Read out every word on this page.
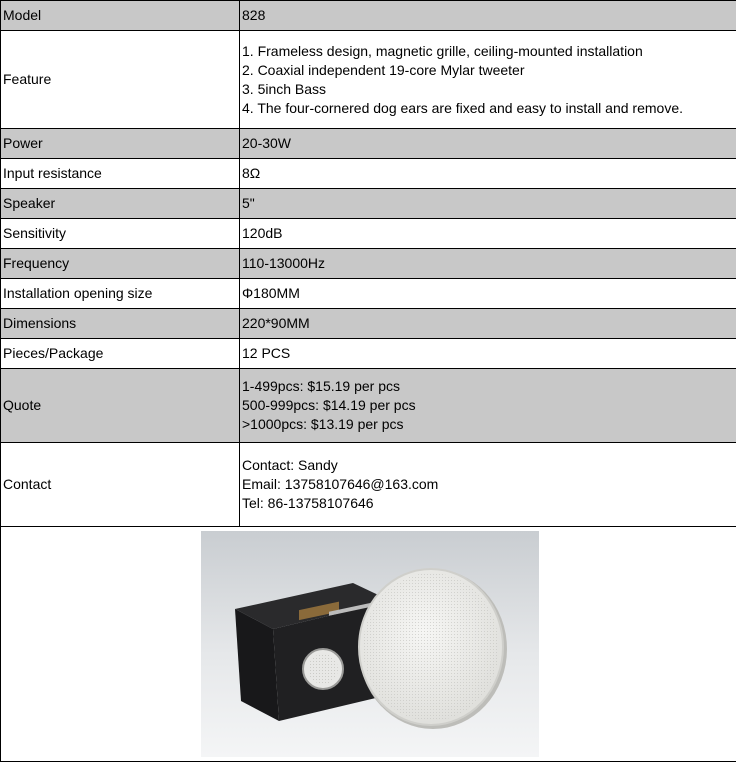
Model	828
Feature	1. Frameless design, magnetic grille, ceiling-mounted installation
2. Coaxial independent 19-core Mylar tweeter
3. 5inch Bass
4. The four-cornered dog ears are fixed and easy to install and remove.

Power	20-30W
Input resistance	8Ω
Speaker	5"
Sensitivity	120dB
Frequency	110-13000Hz
Installation opening size	Φ180MM
Dimensions	220*90MM
Pieces/Package	12 PCS
Quote	1-499pcs: $15.19 per pcs
500-999pcs: $14.19 per pcs
>1000pcs: $13.19 per pcs

Contact	Contact: Sandy
Email: 13758107646@163.com
Tel: 86-13758107646
